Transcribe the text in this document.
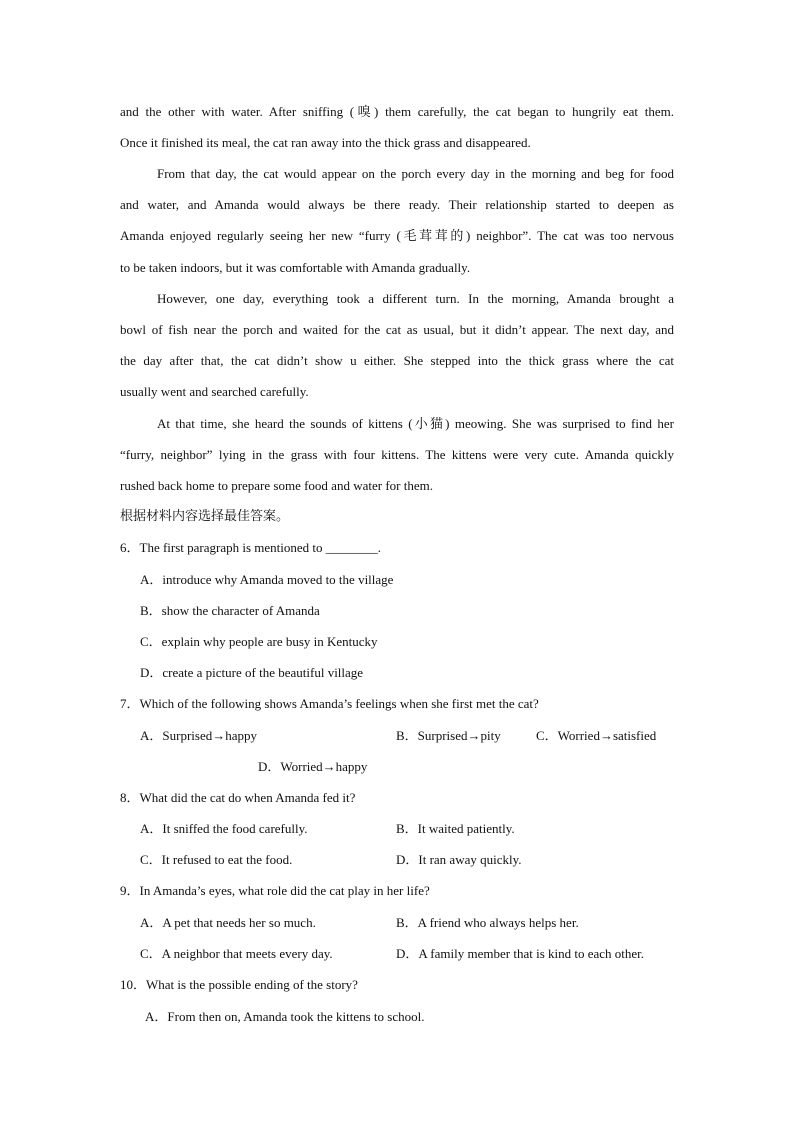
and the other with water. After sniffing (嗅) them carefully, the cat began to hungrily eat them.
Once it finished its meal, the cat ran away into the thick grass and disappeared.
From that day, the cat would appear on the porch every day in the morning and beg for food
and water, and Amanda would always be there ready. Their relationship started to deepen as
Amanda enjoyed regularly seeing her new “furry (毛茸茸的) neighbor”. The cat was too nervous
to be taken indoors, but it was comfortable with Amanda gradually.
However, one day, everything took a different turn. In the morning, Amanda brought a
bowl of fish near the porch and waited for the cat as usual, but it didn’t appear. The next day, and
the day after that, the cat didn’t show u either. She stepped into the thick grass where the cat
usually went and searched carefully.
At that time, she heard the sounds of kittens (小猫) meowing. She was surprised to find her
“furry, neighbor” lying in the grass with four kittens. The kittens were very cute. Amanda quickly
rushed back home to prepare some food and water for them.
根据材料内容选择最佳答案。
6．The first paragraph is mentioned to ________.
A．introduce why Amanda moved to the village
B．show the character of Amanda
C．explain why people are busy in Kentucky
D．create a picture of the beautiful village
7．Which of the following shows Amanda’s feelings when she first met the cat?
A．Surprised→happy	B．Surprised→pity	C．Worried→satisfied
D．Worried→happy
8．What did the cat do when Amanda fed it?
A．It sniffed the food carefully.	B．It waited patiently.
C．It refused to eat the food.	D．It ran away quickly.
9．In Amanda’s eyes, what role did the cat play in her life?
A．A pet that needs her so much.	B．A friend who always helps her.
C．A neighbor that meets every day.	D．A family member that is kind to each other.
10．What is the possible ending of the story?
A．From then on, Amanda took the kittens to school.
